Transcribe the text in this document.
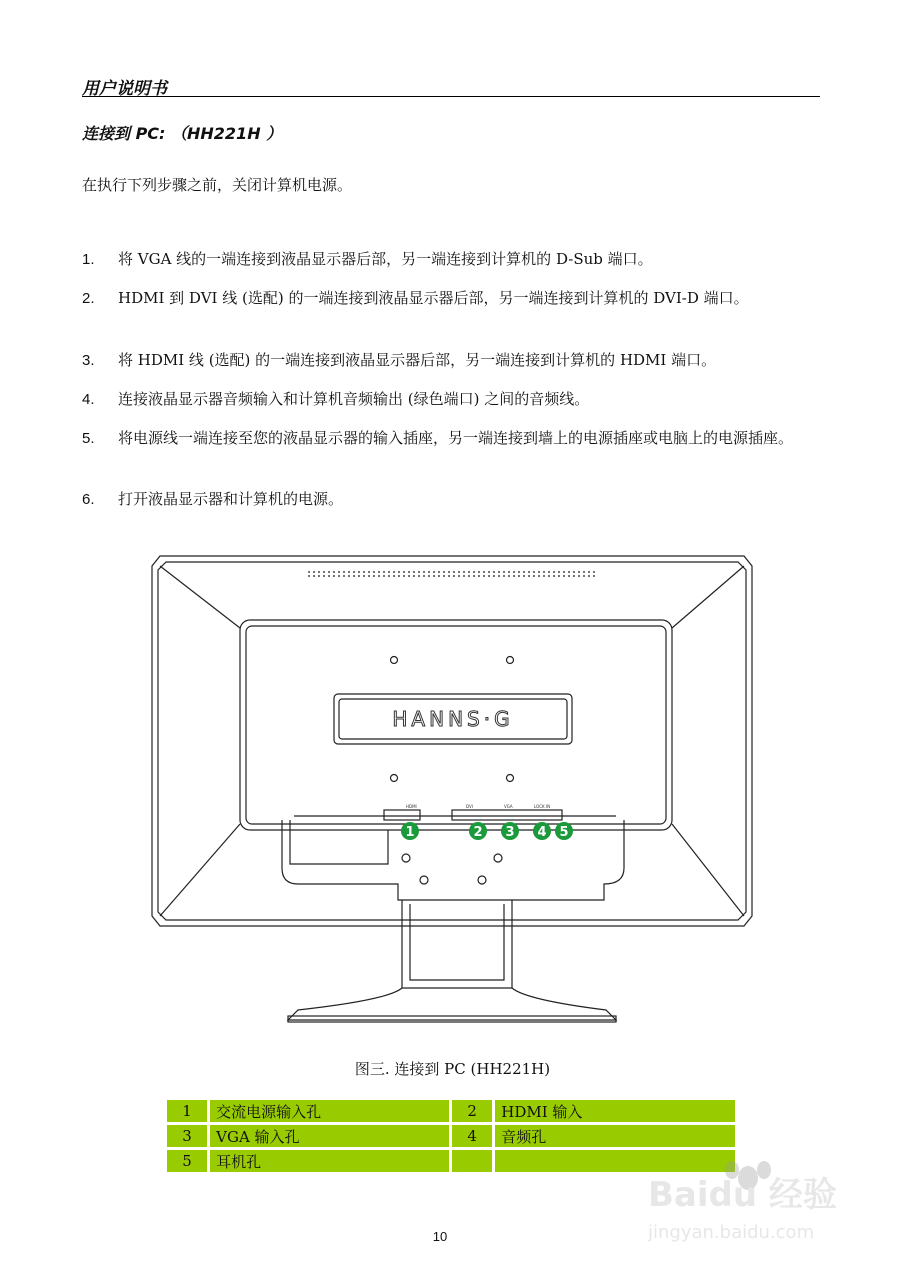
用户说明书
连接到 PC: （HH221H ）
在执行下列步骤之前，关闭计算机电源。
1. 将 VGA 线的一端连接到液晶显示器后部，另一端连接到计算机的 D-Sub 端口。
2. HDMI 到 DVI 线 (选配) 的一端连接到液晶显示器后部，另一端连接到计算机的 DVI-D 端口。
3. 将 HDMI 线 (选配) 的一端连接到液晶显示器后部，另一端连接到计算机的 HDMI 端口。
4. 连接液晶显示器音频输入和计算机音频输出 (绿色端口) 之间的音频线。
5. 将电源线一端连接至您的液晶显示器的输入插座，另一端连接到墙上的电源插座或电脑上的电源插座。
6. 打开液晶显示器和计算机的电源。
HANNS·G
HDMI	DVI	VGA	LOCK IN
1	2 3 4 5
图三. 连接到 PC (HH221H)
1	交流电源输入孔	2	HDMI 输入
3	VGA 输入孔	4	音频孔
5	耳机孔		
Baidu 经验
jingyan.baidu.com
10
